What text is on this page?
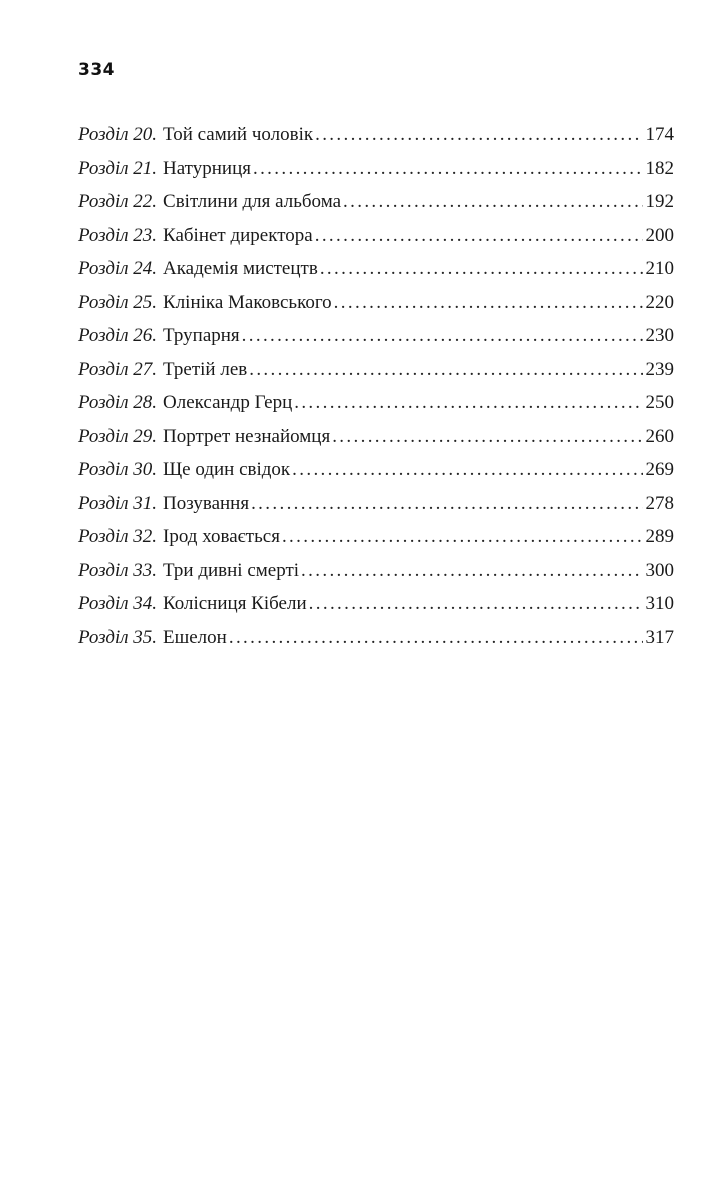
334
Розділ 20. Той самий чоловік . . .	174
Розділ 21. Натурниця . . .	182
Розділ 22. Світлини для альбома . . .	192
Розділ 23. Кабінет директора . . .	200
Розділ 24. Академія мистецтв . . .	210
Розділ 25. Клініка Маковського . . .	220
Розділ 26. Трупарня . . .	230
Розділ 27. Третій лев . . .	239
Розділ 28. Олександр Герц . . .	250
Розділ 29. Портрет незнайомця . . .	260
Розділ 30. Ще один свідок . . .	269
Розділ 31. Позування . . .	278
Розділ 32. Ірод ховається . . .	289
Розділ 33. Три дивні смерті . . .	300
Розділ 34. Колісниця Кібели . . .	310
Розділ 35. Ешелон . . .	317
